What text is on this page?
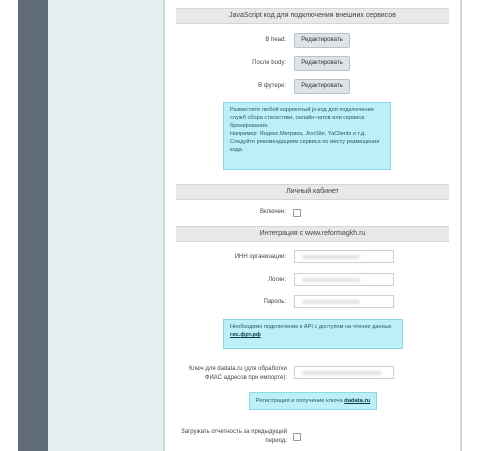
JavaScript код для подключения внешних сервисов
В head:	Редактировать
После body:	Редактировать
В футере:	Редактировать
Разместите любой корректный js-код для подключения служб сбора статистики, онлайн-чатов или сервиса бронирования.
Например: Яндекс.Метрика, JivoSite, YaClients и т.д.
Следуйте рекомендациям сервиса по месту размещения кода.
Личный кабинет
Включен:
Интеграция с www.reformagkh.ru
ИНН организации:
Логин:
Пароль:
Необходимо подключение к API с доступом на чтение данных гис.фрт.рф
Ключ для dadata.ru (для обработки ФИАС адресов при импорте):
Регистрация и получение ключа dadata.ru
Загружать отчетность за предыдущий период:
